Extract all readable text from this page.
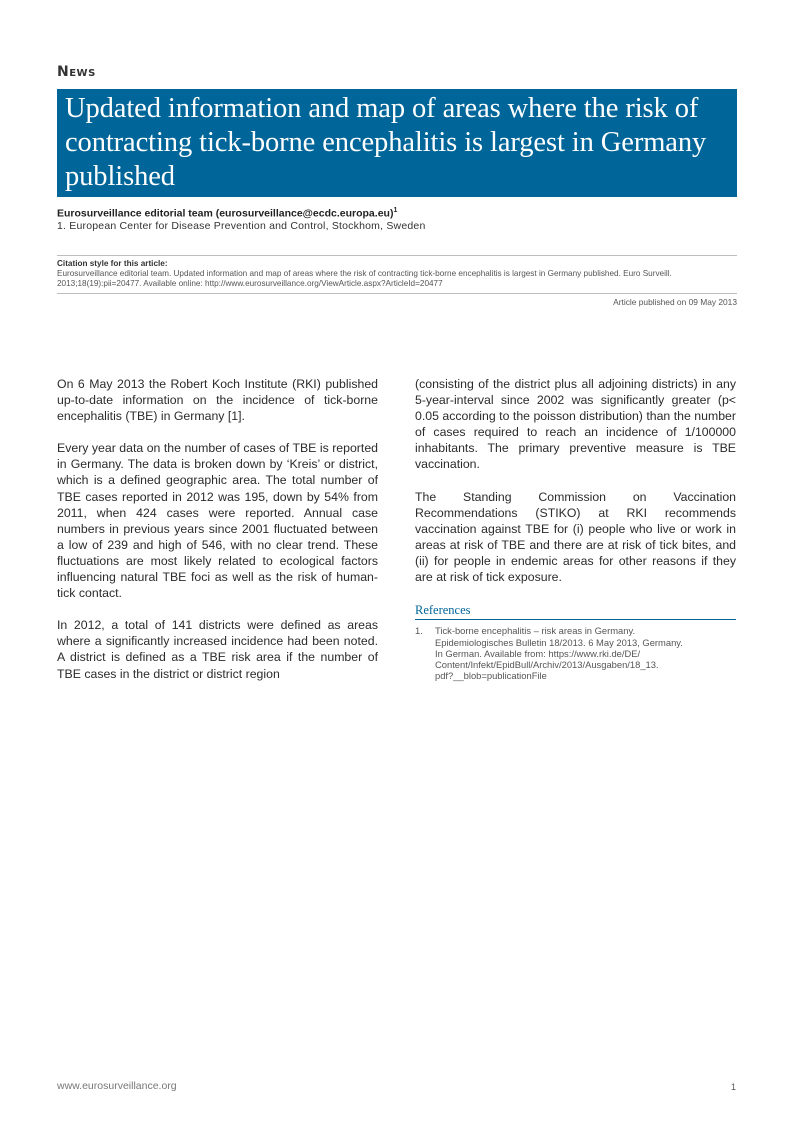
News
Updated information and map of areas where the risk of contracting tick-borne encephalitis is largest in Germany published
Eurosurveillance editorial team (eurosurveillance@ecdc.europa.eu)$^1$
1. European Center for Disease Prevention and Control, Stockhom, Sweden
Citation style for this article:
Eurosurveillance editorial team. Updated information and map of areas where the risk of contracting tick-borne encephalitis is largest in Germany published. Euro Surveill. 2013;18(19):pii=20477. Available online: http://www.eurosurveillance.org/ViewArticle.aspx?ArticleId=20477
Article published on 09 May 2013

On 6 May 2013 the Robert Koch Institute (RKI) published up-to-date information on the incidence of tick-borne encephalitis (TBE) in Germany [1].

Every year data on the number of cases of TBE is reported in Germany. The data is broken down by ‘Kreis’ or district, which is a defined geographic area. The total number of TBE cases reported in 2012 was 195, down by 54% from 2011, when 424 cases were reported. Annual case numbers in previous years since 2001 fluctuated between a low of 239 and high of 546, with no clear trend. These fluctuations are most likely related to ecological factors influencing natural TBE foci as well as the risk of human-tick contact.

In 2012, a total of 141 districts were defined as areas where a significantly increased incidence had been noted. A district is defined as a TBE risk area if the number of TBE cases in the district or district region

(consisting of the district plus all adjoining districts) in any 5-year-interval since 2002 was significantly greater (p< 0.05 according to the poisson distribution) than the number of cases required to reach an incidence of 1/100000 inhabitants. The primary preventive measure is TBE vaccination.

The Standing Commission on Vaccination Recommendations (STIKO) at RKI recommends vaccination against TBE for (i) people who live or work in areas at risk of TBE and there are at risk of tick bites, and (ii) for people in endemic areas for other reasons if they are at risk of tick exposure.

References
1.	Tick-borne encephalitis – risk areas in Germany.
Epidemiologisches Bulletin 18/2013. 6 May 2013, Germany.
In German. Available from: https://www.rki.de/DE/
Content/Infekt/EpidBull/Archiv/2013/Ausgaben/18_13.
pdf?__blob=publicationFile
www.eurosurveillance.org	1
